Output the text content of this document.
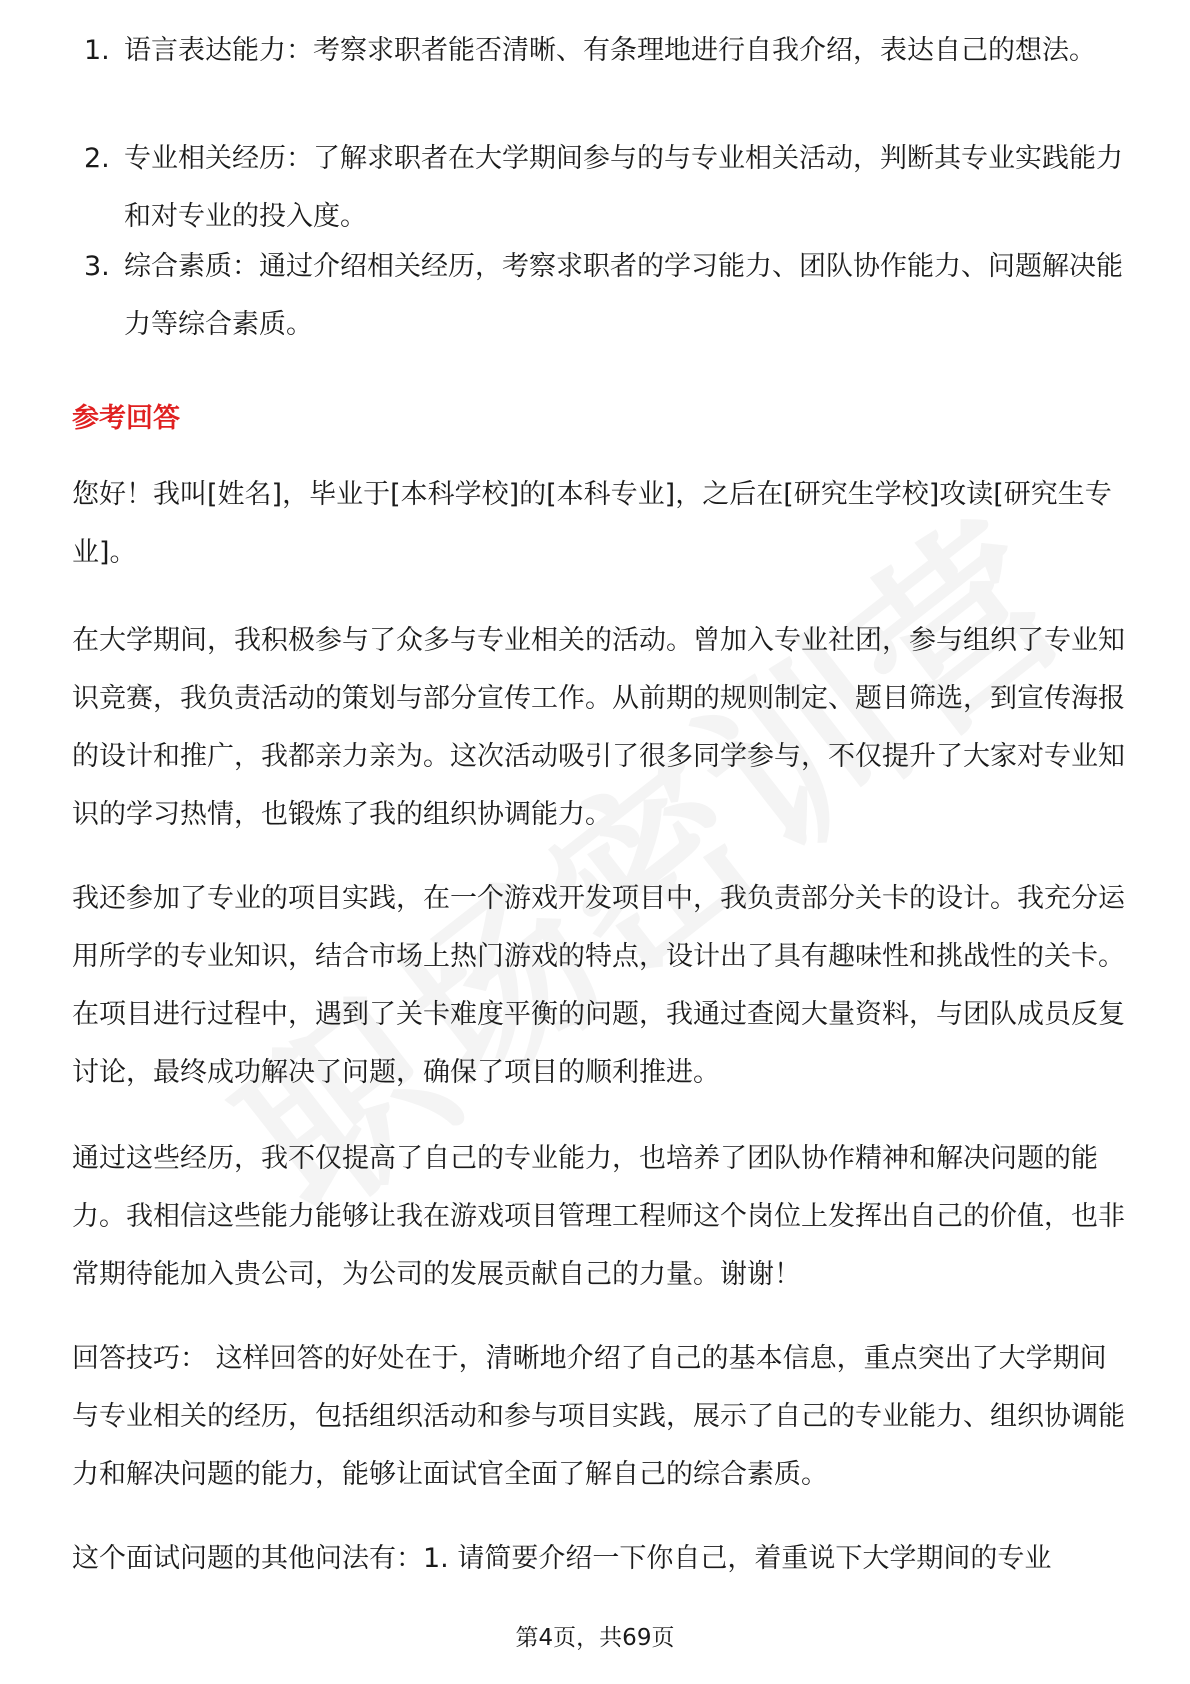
1. 语言表达能力：考察求职者能否清晰、有条理地进行自我介绍，表达自己的想法。
2. 专业相关经历：了解求职者在大学期间参与的与专业相关活动，判断其专业实践能力和对专业的投入度。
3. 综合素质：通过介绍相关经历，考察求职者的学习能力、团队协作能力、问题解决能力等综合素质。
参考回答
您好！我叫[姓名]，毕业于[本科学校]的[本科专业]，之后在[研究生学校]攻读[研究生专业]。
在大学期间，我积极参与了众多与专业相关的活动。曾加入专业社团，参与组织了专业知识竞赛，我负责活动的策划与部分宣传工作。从前期的规则制定、题目筛选，到宣传海报的设计和推广，我都亲力亲为。这次活动吸引了很多同学参与，不仅提升了大家对专业知识的学习热情，也锻炼了我的组织协调能力。
我还参加了专业的项目实践，在一个游戏开发项目中，我负责部分关卡的设计。我充分运用所学的专业知识，结合市场上热门游戏的特点，设计出了具有趣味性和挑战性的关卡。在项目进行过程中，遇到了关卡难度平衡的问题，我通过查阅大量资料，与团队成员反复讨论，最终成功解决了问题，确保了项目的顺利推进。
通过这些经历，我不仅提高了自己的专业能力，也培养了团队协作精神和解决问题的能力。我相信这些能力能够让我在游戏项目管理工程师这个岗位上发挥出自己的价值，也非常期待能加入贵公司，为公司的发展贡献自己的力量。谢谢！
回答技巧： 这样回答的好处在于，清晰地介绍了自己的基本信息，重点突出了大学期间与专业相关的经历，包括组织活动和参与项目实践，展示了自己的专业能力、组织协调能力和解决问题的能力，能够让面试官全面了解自己的综合素质。
这个面试问题的其他问法有：1. 请简要介绍一下你自己，着重说下大学期间的专业
第4页，共69页
